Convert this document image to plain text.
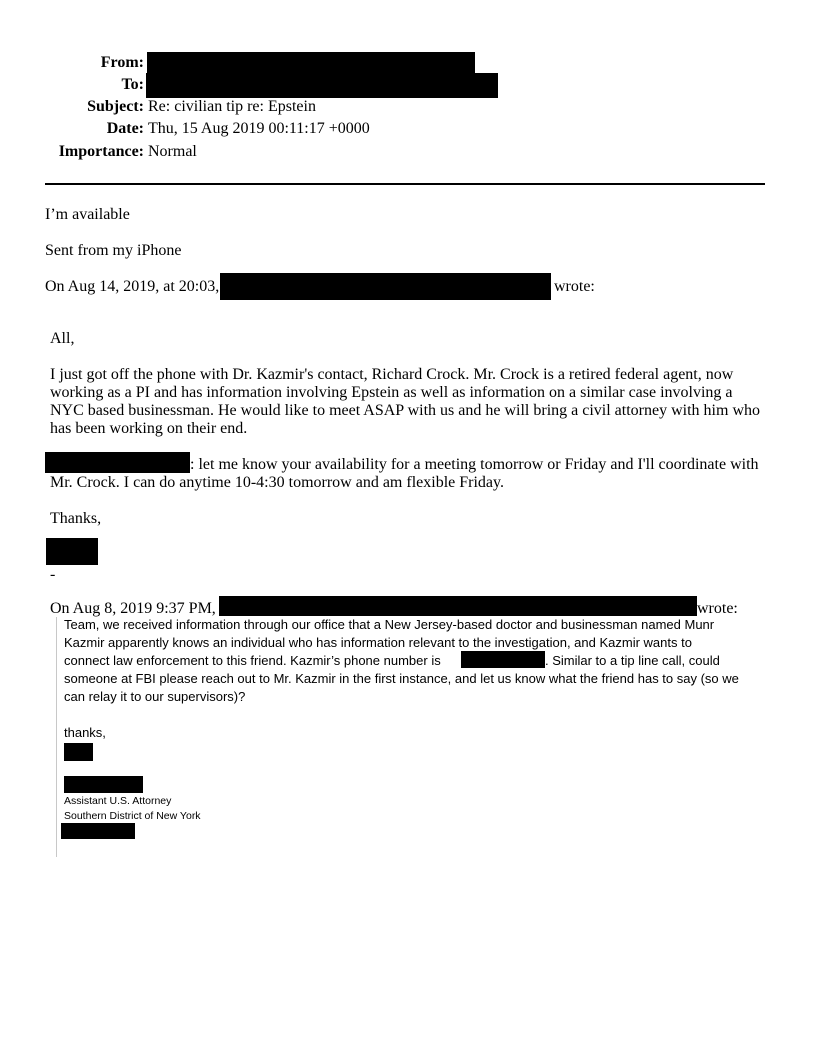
From:
To:
Subject: Re: civilian tip re: Epstein
Date: Thu, 15 Aug 2019 00:11:17 +0000
Importance: Normal
I’m available
Sent from my iPhone
On Aug 14, 2019, at 20:03,	wrote:
All,
I just got off the phone with Dr. Kazmir's contact, Richard Crock. Mr. Crock is a retired federal agent, now
working as a PI and has information involving Epstein as well as information on a similar case involving a
NYC based businessman. He would like to meet ASAP with us and he will bring a civil attorney with him who
has been working on their end.
: let me know your availability for a meeting tomorrow or Friday and I'll coordinate with
Mr. Crock. I can do anytime 10-4:30 tomorrow and am flexible Friday.
Thanks,
-
On Aug 8, 2019 9:37 PM,	wrote:
Team, we received information through our office that a New Jersey-based doctor and businessman named Munr
Kazmir apparently knows an individual who has information relevant to the investigation, and Kazmir wants to
connect law enforcement to this friend. Kazmir’s phone number is	. Similar to a tip line call, could
someone at FBI please reach out to Mr. Kazmir in the first instance, and let us know what the friend has to say (so we
can relay it to our supervisors)?
thanks,
Assistant U.S. Attorney
Southern District of New York
